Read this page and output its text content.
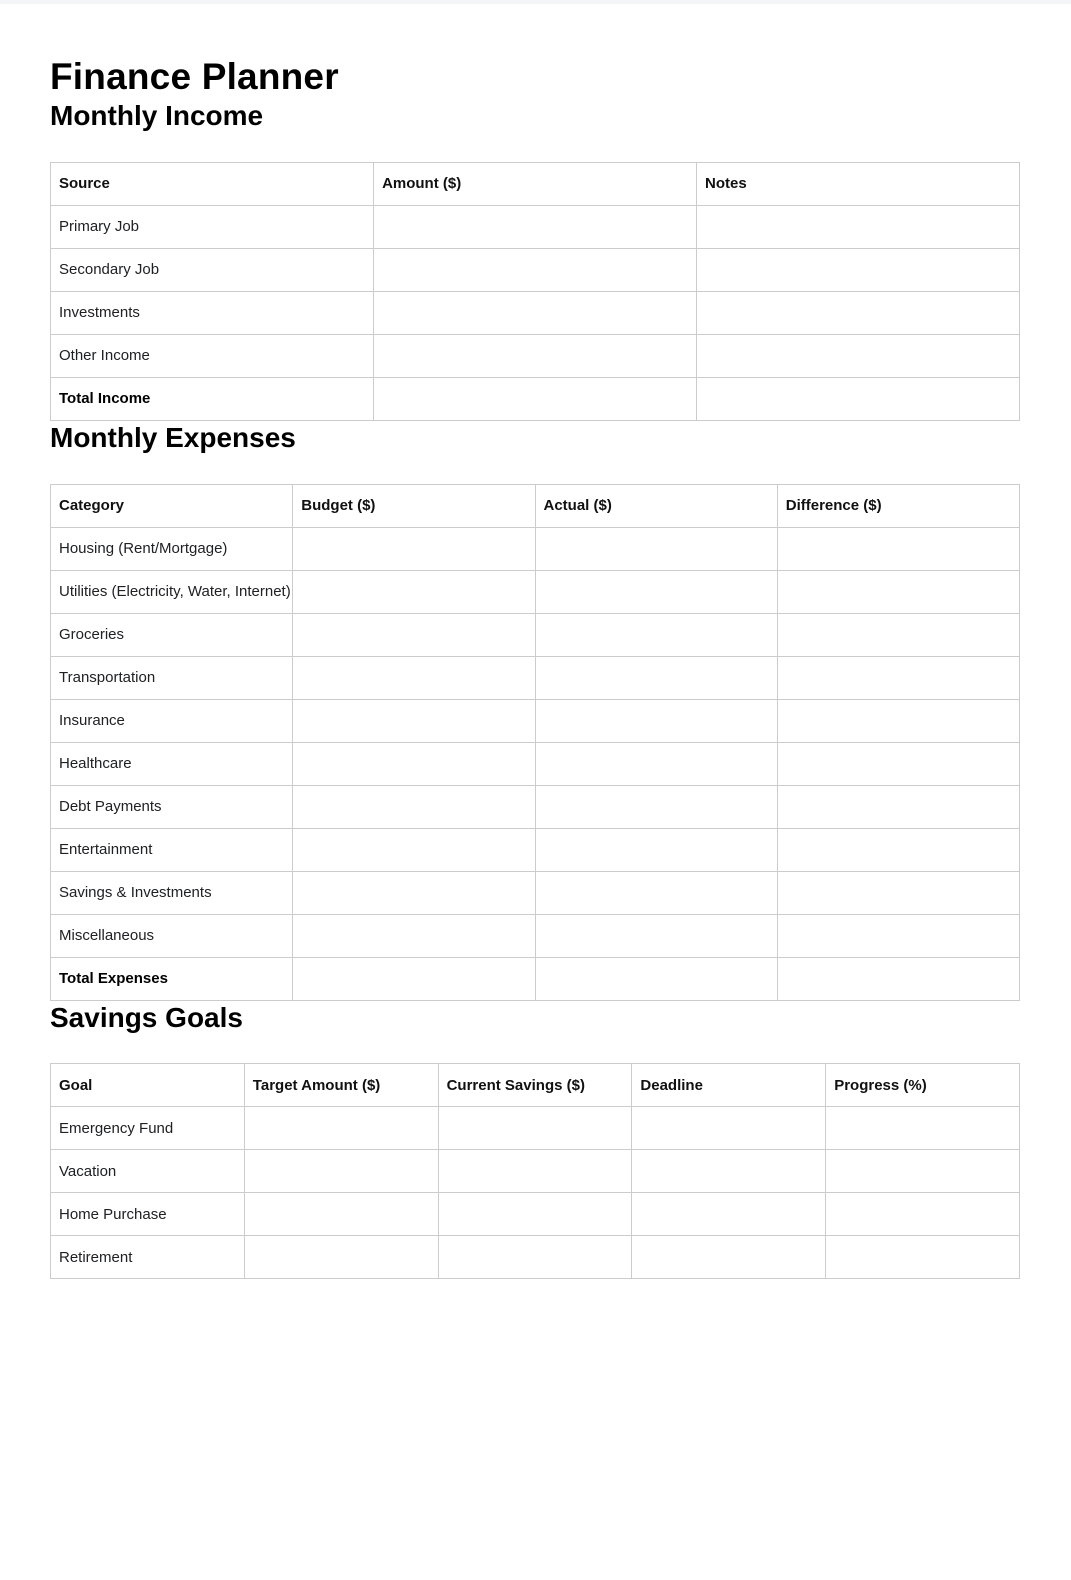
Finance Planner
Monthly Income
Source	Amount ($)	Notes
Primary Job		
Secondary Job		
Investments		
Other Income		
Total Income		
Monthly Expenses
Category	Budget ($)	Actual ($)	Difference ($)
Housing (Rent/Mortgage)			
Utilities (Electricity, Water, Internet)			
Groceries			
Transportation			
Insurance			
Healthcare			
Debt Payments			
Entertainment			
Savings & Investments			
Miscellaneous			
Total Expenses			
Savings Goals
Goal	Target Amount ($)	Current Savings ($)	Deadline	Progress (%)
Emergency Fund				
Vacation				
Home Purchase				
Retirement				
